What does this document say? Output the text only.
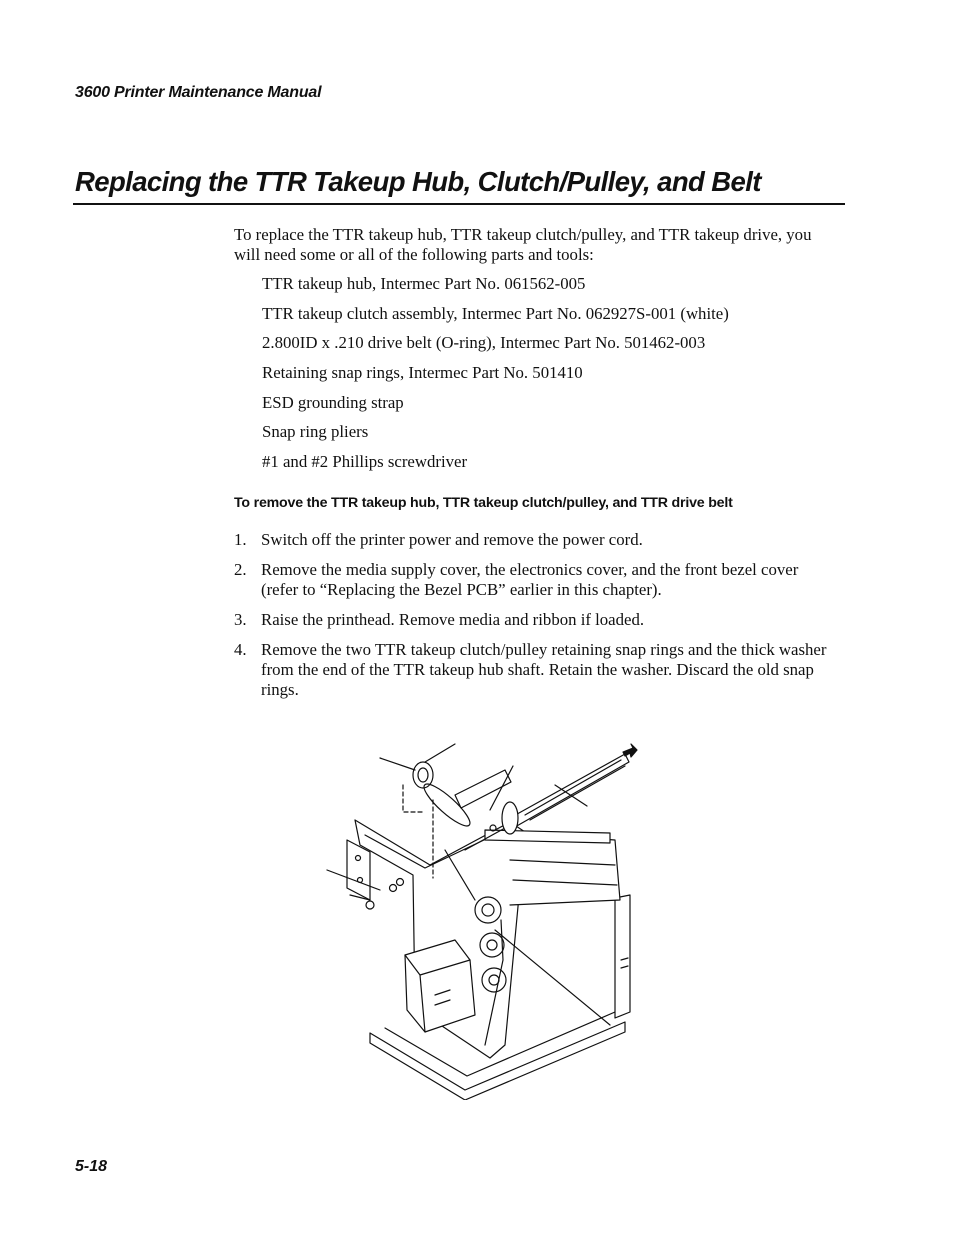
3600 Printer Maintenance Manual
Replacing the TTR Takeup Hub, Clutch/Pulley, and Belt

To replace the TTR takeup hub, TTR takeup clutch/pulley, and TTR takeup drive, you will need some or all of the following parts and tools:

TTR takeup hub, Intermec Part No. 061562-005
TTR takeup clutch assembly, Intermec Part No. 062927S-001 (white)
2.800ID x .210 drive belt (O-ring), Intermec Part No. 501462-003
Retaining snap rings, Intermec Part No. 501410
ESD grounding strap
Snap ring pliers
#1 and #2 Phillips screwdriver
To remove the TTR takeup hub, TTR takeup clutch/pulley, and TTR drive belt
1. Switch off the printer power and remove the power cord.
2. Remove the media supply cover, the electronics cover, and the front bezel cover (refer to “Replacing the Bezel PCB” earlier in this chapter).
3. Raise the printhead. Remove media and ribbon if loaded.
4. Remove the two TTR takeup clutch/pulley retaining snap rings and the thick washer from the end of the TTR takeup hub shaft. Retain the washer. Discard the old snap rings.
5-18
